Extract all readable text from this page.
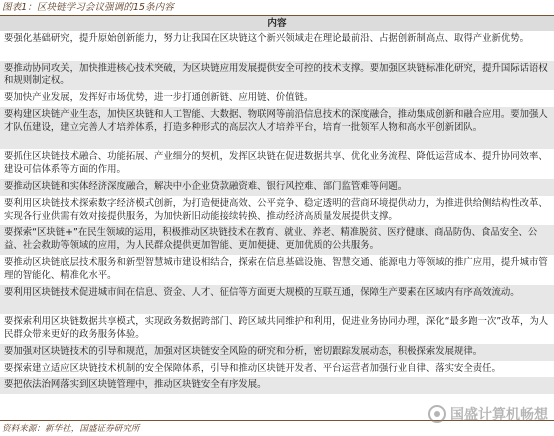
图表1：区块链学习会议强调的15条内容
内容
要强化基础研究，提升原始创新能力，努力让我国在区块链这个新兴领域走在理论最前沿、占据创新制高点、取得产业新优势。
要推动协同攻关，加快推进核心技术突破，为区块链应用发展提供安全可控的技术支撑。要加强区块链标准化研究，提升国际话语权和规则制定权。
要加快产业发展，发挥好市场优势，进一步打通创新链、应用链、价值链。
要构建区块链产业生态，加快区块链和人工智能、大数据、物联网等前沿信息技术的深度融合，推动集成创新和融合应用。要加强人才队伍建设，建立完善人才培养体系，打造多种形式的高层次人才培养平台，培育一批领军人物和高水平创新团队。
要抓住区块链技术融合、功能拓展、产业细分的契机，发挥区块链在促进数据共享、优化业务流程、降低运营成本、提升协同效率、建设可信体系等方面的作用。
要推动区块链和实体经济深度融合，解决中小企业贷款融资难、银行风控难、部门监管难等问题。
要利用区块链技术探索数字经济模式创新，为打造便捷高效、公平竞争、稳定透明的营商环境提供动力，为推进供给侧结构性改革、实现各行业供需有效对接提供服务，为加快新旧动能接续转换、推动经济高质量发展提供支撑。
要探索“区块链+”在民生领域的运用，积极推动区块链技术在教育、就业、养老、精准脱贫、医疗健康、商品防伪、食品安全、公益、社会救助等领域的应用，为人民群众提供更加智能、更加便捷、更加优质的公共服务。
要推动区块链底层技术服务和新型智慧城市建设相结合，探索在信息基础设施、智慧交通、能源电力等领域的推广应用，提升城市管理的智能化、精准化水平。
要利用区块链技术促进城市间在信息、资金、人才、征信等方面更大规模的互联互通，保障生产要素在区域内有序高效流动。
要探索利用区块链数据共享模式，实现政务数据跨部门、跨区域共同维护和利用，促进业务协同办理，深化“最多跑一次”改革，为人民群众带来更好的政务服务体验。
要加强对区块链技术的引导和规范，加强对区块链安全风险的研究和分析，密切跟踪发展动态，积极探索发展规律。
要探索建立适应区块链技术机制的安全保障体系，引导和推动区块链开发者、平台运营者加强行业自律、落实安全责任。
要把依法治网落实到区块链管理中，推动区块链安全有序发展。
资料来源：新华社，国盛证券研究所
国盛计算机畅想
